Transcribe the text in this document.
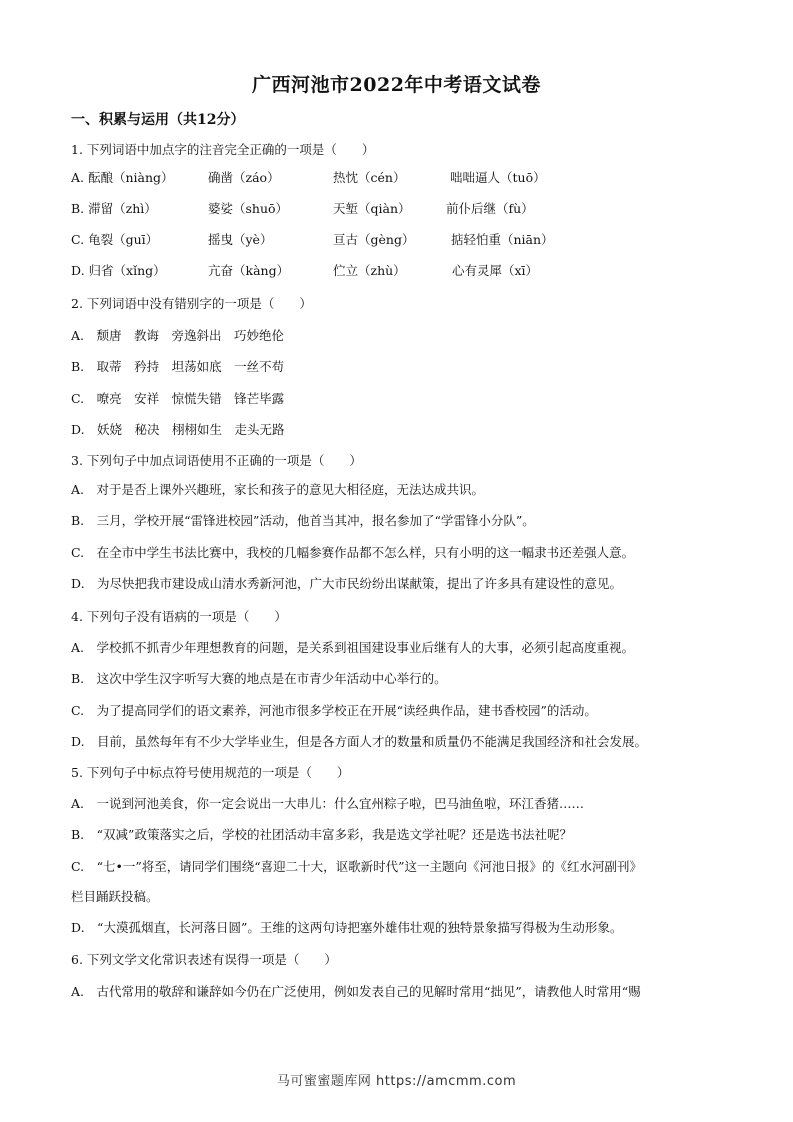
广西河池市2022年中考语文试卷
一、积累与运用（共12分）
1. 下列词语中加点字的注音完全正确的一项是（　　）
A. 酝酿（niàng）	确凿（záo）	热忱（cén）	咄咄逼人（tuō）
B. 滞留（zhì）	婆娑（shuō）	天堑（qiàn）	前仆后继（fù）
C. 龟裂（guī）	摇曳（yè）	亘古（gèng）	掂轻怕重（niān）
D. 归省（xǐng）	亢奋（kàng）	伫立（zhù）	心有灵犀（xī）
2. 下列词语中没有错别字的一项是（　　）
A.　颓唐　教诲　旁逸斜出　巧妙绝伦
B.　取蒂　矜持　坦荡如底　一丝不苟
C.　嘹亮　安祥　惊慌失错　锋芒毕露
D.　妖娆　秘决　栩栩如生　走头无路
3. 下列句子中加点词语使用不正确的一项是（　　）
A.　对于是否上课外兴趣班，家长和孩子的意见大相径庭，无法达成共识。
B.　三月，学校开展“雷锋进校园”活动，他首当其冲，报名参加了“学雷锋小分队”。
C.　在全市中学生书法比赛中，我校的几幅参赛作品都不怎么样，只有小明的这一幅隶书还差强人意。
D.　为尽快把我市建设成山清水秀新河池，广大市民纷纷出谋献策，提出了许多具有建设性的意见。
4. 下列句子没有语病的一项是（　　）
A.　学校抓不抓青少年理想教育的问题，是关系到祖国建设事业后继有人的大事，必须引起高度重视。
B.　这次中学生汉字听写大赛的地点是在市青少年活动中心举行的。
C.　为了提高同学们的语文素养，河池市很多学校正在开展“读经典作品，建书香校园”的活动。
D.　目前，虽然每年有不少大学毕业生，但是各方面人才的数量和质量仍不能满足我国经济和社会发展。
5. 下列句子中标点符号使用规范的一项是（　　）
A.　一说到河池美食，你一定会说出一大串儿：什么宜州粽子啦，巴马油鱼啦，环江香猪……
B.　“双减”政策落实之后，学校的社团活动丰富多彩，我是选文学社呢？还是选书法社呢？
C.　“七•一”将至，请同学们围绕“喜迎二十大，讴歌新时代”这一主题向《河池日报》的《红水河副刊》
栏目踊跃投稿。
D.　“大漠孤烟直，长河落日圆”。王维的这两句诗把塞外雄伟壮观的独特景象描写得极为生动形象。
6. 下列文学文化常识表述有误得一项是（　　）
A.　古代常用的敬辞和谦辞如今仍在广泛使用，例如发表自己的见解时常用“拙见”，请教他人时常用“赐
马可蜜蜜题库网 https://amcmm.com
